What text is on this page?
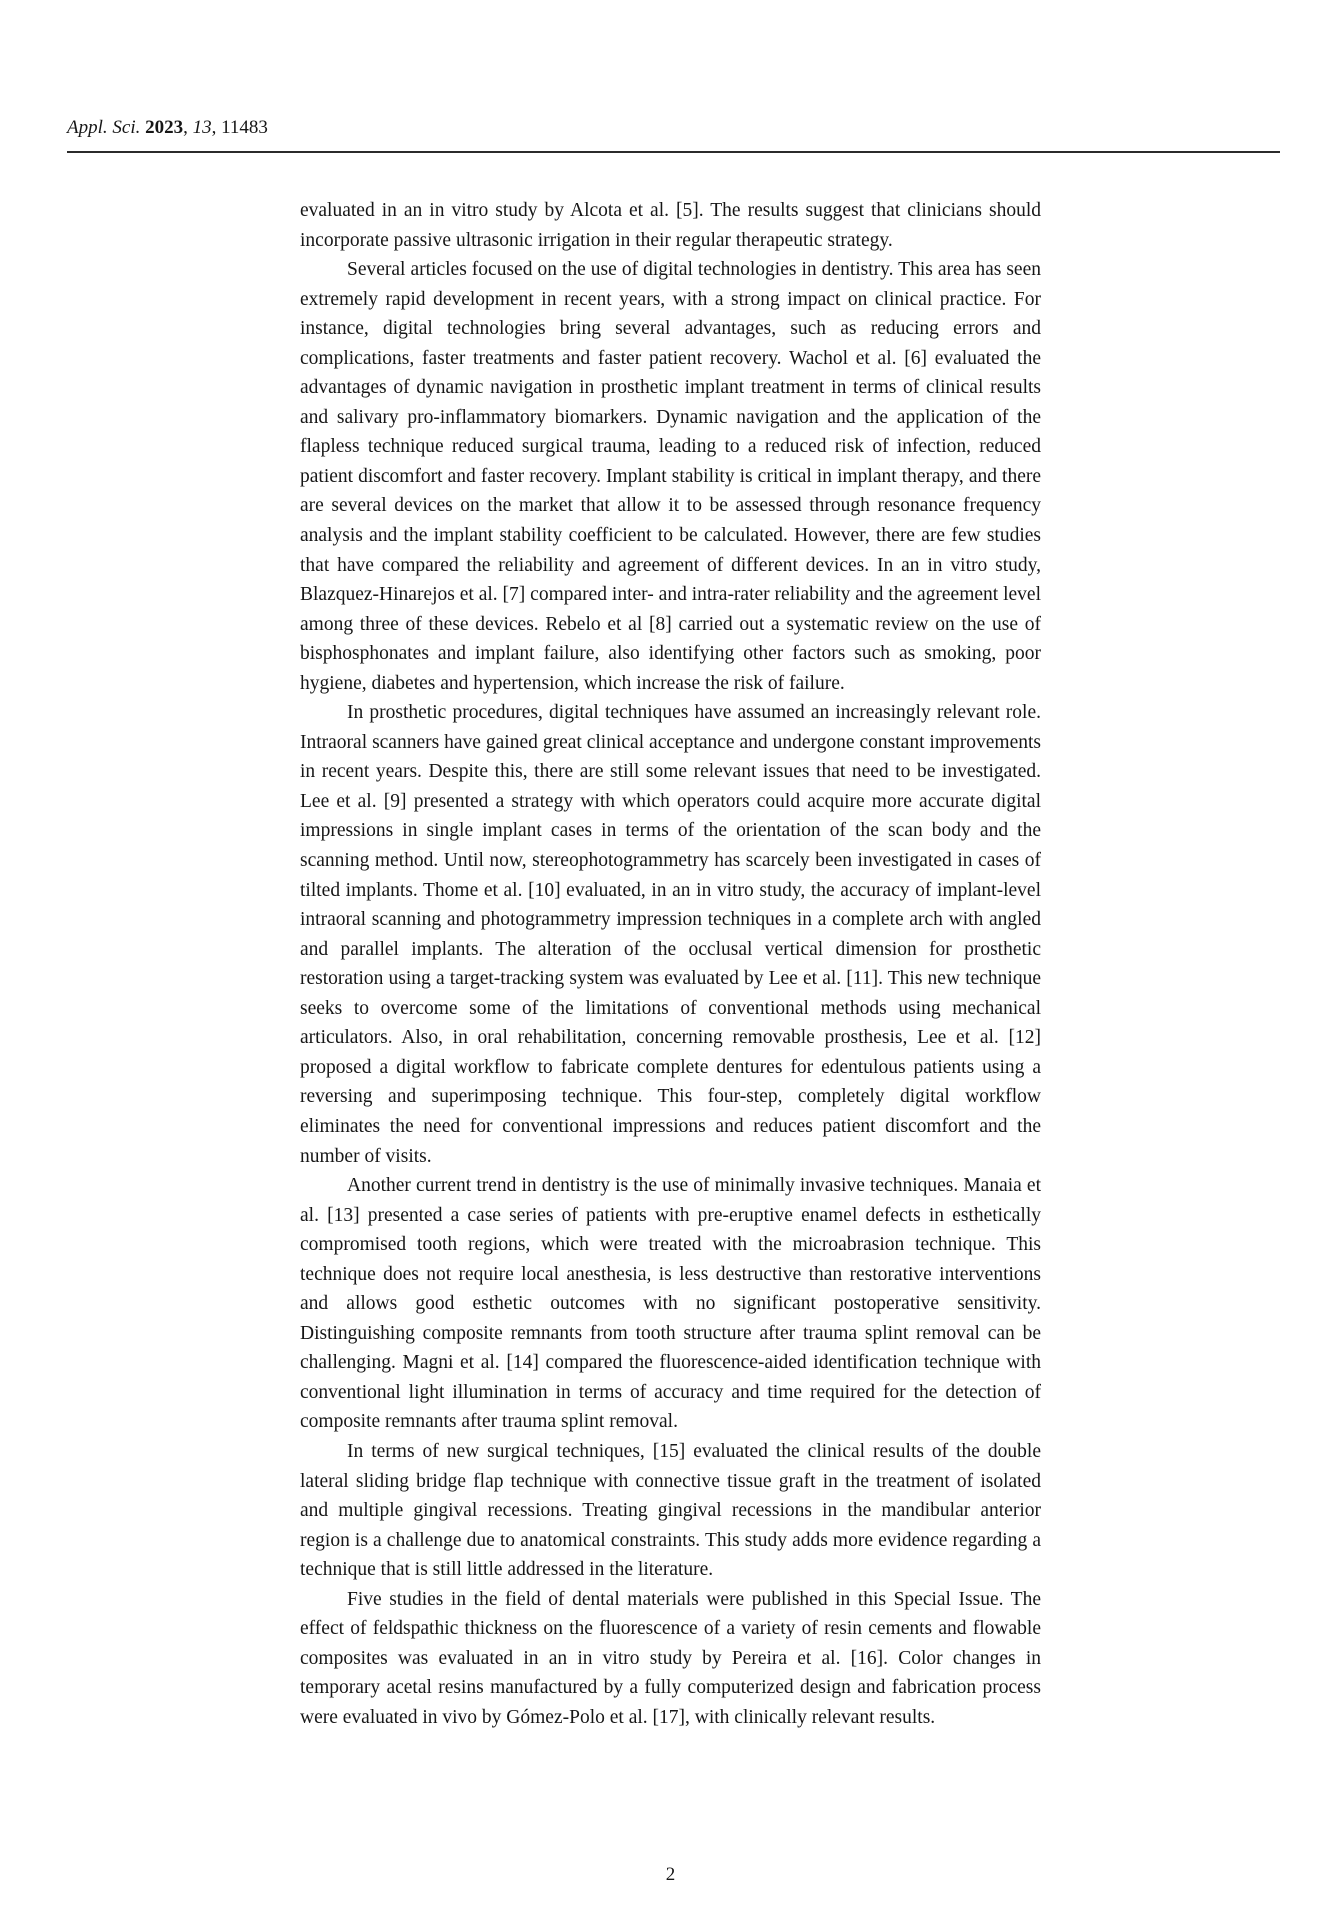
Appl. Sci. 2023, 13, 11483

evaluated in an in vitro study by Alcota et al. [5]. The results suggest that clinicians should incorporate passive ultrasonic irrigation in their regular therapeutic strategy.

Several articles focused on the use of digital technologies in dentistry. This area has seen extremely rapid development in recent years, with a strong impact on clinical practice. For instance, digital technologies bring several advantages, such as reducing errors and complications, faster treatments and faster patient recovery. Wachol et al. [6] evaluated the advantages of dynamic navigation in prosthetic implant treatment in terms of clinical results and salivary pro-inflammatory biomarkers. Dynamic navigation and the application of the flapless technique reduced surgical trauma, leading to a reduced risk of infection, reduced patient discomfort and faster recovery. Implant stability is critical in implant therapy, and there are several devices on the market that allow it to be assessed through resonance frequency analysis and the implant stability coefficient to be calculated. However, there are few studies that have compared the reliability and agreement of different devices. In an in vitro study, Blazquez-Hinarejos et al. [7] compared inter- and intra-rater reliability and the agreement level among three of these devices. Rebelo et al [8] carried out a systematic review on the use of bisphosphonates and implant failure, also identifying other factors such as smoking, poor hygiene, diabetes and hypertension, which increase the risk of failure.

In prosthetic procedures, digital techniques have assumed an increasingly relevant role. Intraoral scanners have gained great clinical acceptance and undergone constant improvements in recent years. Despite this, there are still some relevant issues that need to be investigated. Lee et al. [9] presented a strategy with which operators could acquire more accurate digital impressions in single implant cases in terms of the orientation of the scan body and the scanning method. Until now, stereophotogrammetry has scarcely been investigated in cases of tilted implants. Thome et al. [10] evaluated, in an in vitro study, the accuracy of implant-level intraoral scanning and photogrammetry impression techniques in a complete arch with angled and parallel implants. The alteration of the occlusal vertical dimension for prosthetic restoration using a target-tracking system was evaluated by Lee et al. [11]. This new technique seeks to overcome some of the limitations of conventional methods using mechanical articulators. Also, in oral rehabilitation, concerning removable prosthesis, Lee et al. [12] proposed a digital workflow to fabricate complete dentures for edentulous patients using a reversing and superimposing technique. This four-step, completely digital workflow eliminates the need for conventional impressions and reduces patient discomfort and the number of visits.

Another current trend in dentistry is the use of minimally invasive techniques. Manaia et al. [13] presented a case series of patients with pre-eruptive enamel defects in esthetically compromised tooth regions, which were treated with the microabrasion technique. This technique does not require local anesthesia, is less destructive than restorative interventions and allows good esthetic outcomes with no significant postoperative sensitivity. Distinguishing composite remnants from tooth structure after trauma splint removal can be challenging. Magni et al. [14] compared the fluorescence-aided identification technique with conventional light illumination in terms of accuracy and time required for the detection of composite remnants after trauma splint removal.

In terms of new surgical techniques, [15] evaluated the clinical results of the double lateral sliding bridge flap technique with connective tissue graft in the treatment of isolated and multiple gingival recessions. Treating gingival recessions in the mandibular anterior region is a challenge due to anatomical constraints. This study adds more evidence regarding a technique that is still little addressed in the literature.

Five studies in the field of dental materials were published in this Special Issue. The effect of feldspathic thickness on the fluorescence of a variety of resin cements and flowable composites was evaluated in an in vitro study by Pereira et al. [16]. Color changes in temporary acetal resins manufactured by a fully computerized design and fabrication process were evaluated in vivo by Gómez-Polo et al. [17], with clinically relevant results.

2
